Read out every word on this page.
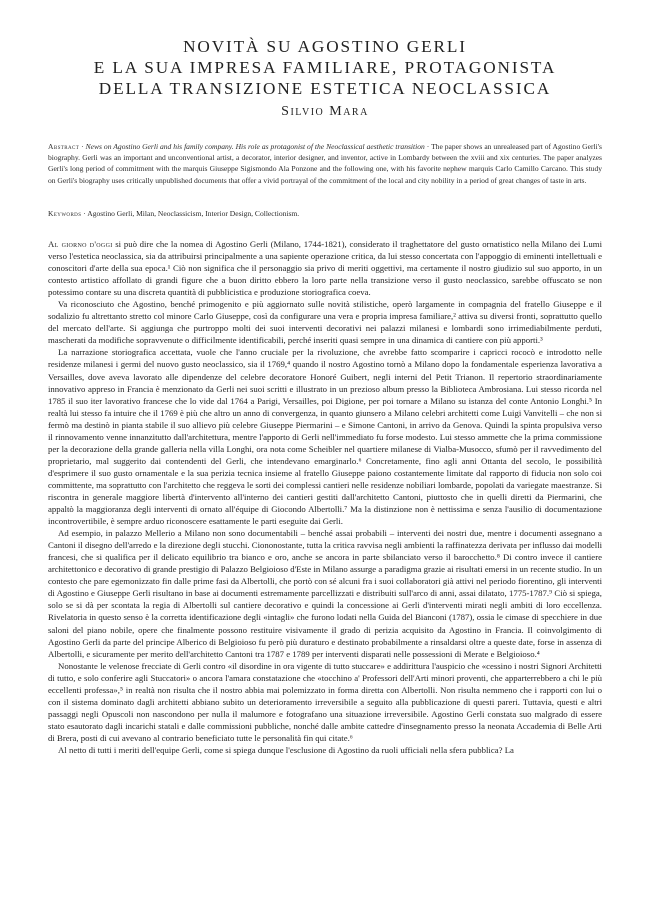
NOVITÀ SU AGOSTINO GERLI
E LA SUA IMPRESA FAMILIARE, PROTAGONISTA
DELLA TRANSIZIONE ESTETICA NEOCLASSICA
Silvio Mara
Abstract · News on Agostino Gerli and his family company. His role as protagonist of the Neoclassical aesthetic transition · The paper shows an unrealeased part of Agostino Gerli's biography. Gerli was an important and unconventional artist, a decorator, interior designer, and inventor, active in Lombardy between the xviii and xix centuries. The paper analyzes Gerli's long period of commitment with the marquis Giuseppe Sigismondo Ala Ponzone and the following one, with his favorite nephew marquis Carlo Camillo Carcano. This study on Gerli's biography uses critically unpublished documents that offer a vivid portrayal of the commitment of the local and city nobility in a period of great changes of taste in arts.
Keywords · Agostino Gerli, Milan, Neoclassicism, Interior Design, Collectionism.

Al giorno d'oggi si può dire che la nomea di Agostino Gerli (Milano, 1744-1821), considerato il traghettatore del gusto ornatistico nella Milano dei Lumi verso l'estetica neoclassica, sia da attribuirsi principalmente a una sapiente operazione critica, da lui stesso concertata con l'appoggio di eminenti intellettuali e conoscitori d'arte della sua epoca.¹ Ciò non significa che il personaggio sia privo di meriti oggettivi, ma certamente il nostro giudizio sul suo apporto, in un contesto artistico affollato di grandi figure che a buon diritto ebbero la loro parte nella transizione verso il gusto neoclassico, sarebbe offuscato se non potessimo contare su una discreta quantità di pubblicistica e produzione storiografica coeva.

Va riconosciuto che Agostino, benché primogenito e più aggiornato sulle novità stilistiche, operò largamente in compagnia del fratello Giuseppe e il sodalizio fu altrettanto stretto col minore Carlo Giuseppe, così da configurare una vera e propria impresa familiare,² attiva su diversi fronti, soprattutto quello del mercato dell'arte. Si aggiunga che purtroppo molti dei suoi interventi decorativi nei palazzi milanesi e lombardi sono irrimediabilmente perduti, mascherati da modifiche sopravvenute o difficilmente identificabili, perché inseriti quasi sempre in una dinamica di cantiere con più apporti.³

La narrazione storiografica accettata, vuole che l'anno cruciale per la rivoluzione, che avrebbe fatto scomparire i capricci rococò e introdotto nelle residenze milanesi i germi del nuovo gusto neoclassico, sia il 1769,⁴ quando il nostro Agostino tornò a Milano dopo la fondamentale esperienza lavorativa a Versailles, dove aveva lavorato alle dipendenze del celebre decoratore Honoré Guibert, negli interni del Petit Trianon. Il repertorio straordinariamente innovativo appreso in Francia è menzionato da Gerli nei suoi scritti e illustrato in un prezioso album presso la Biblioteca Ambrosiana. Lui stesso ricorda nel 1785 il suo iter lavorativo francese che lo vide dal 1764 a Parigi, Versailles, poi Digione, per poi tornare a Milano su istanza del conte Antonio Longhi.⁵ In realtà lui stesso fa intuire che il 1769 è più che altro un anno di convergenza, in quanto giunsero a Milano celebri architetti come Luigi Vanvitelli – che non si fermò ma destinò in pianta stabile il suo allievo più celebre Giuseppe Piermarini – e Simone Cantoni, in arrivo da Genova. Quindi la spinta propulsiva verso il rinnovamento venne innanzitutto dall'architettura, mentre l'apporto di Gerli nell'immediato fu forse modesto. Lui stesso ammette che la prima commissione per la decorazione della grande galleria nella villa Longhi, ora nota come Scheibler nel quartiere milanese di Vialba-Musocco, sfumò per il ravvedimento del proprietario, mal suggerito dai contendenti del Gerli, che intendevano emarginarlo.⁶ Concretamente, fino agli anni Ottanta del secolo, le possibilità d'esprimere il suo gusto ornamentale e la sua perizia tecnica insieme al fratello Giuseppe paiono costantemente limitate dal rapporto di fiducia non solo coi committente, ma soprattutto con l'architetto che reggeva le sorti dei complessi cantieri nelle residenze nobiliari lombarde, popolati da variegate maestranze. Si riscontra in generale maggiore libertà d'intervento all'interno dei cantieri gestiti dall'architetto Cantoni, piuttosto che in quelli diretti da Piermarini, che appaltò la maggioranza degli interventi di ornato all'équipe di Giocondo Albertolli.⁷ Ma la distinzione non è nettissima e senza l'ausilio di documentazione incontrovertibile, è sempre arduo riconoscere esattamente le parti eseguite dai Gerli.

Ad esempio, in palazzo Mellerio a Milano non sono documentabili – benché assai probabili – interventi dei nostri due, mentre i documenti assegnano a Cantoni il disegno dell'arredo e la direzione degli stucchi. Ciononostante, tutta la critica ravvisa negli ambienti la raffinatezza derivata per influsso dai modelli francesi, che si qualifica per il delicato equilibrio tra bianco e oro, anche se ancora in parte sbilanciato verso il barocchetto.⁸ Di contro invece il cantiere architettonico e decorativo di grande prestigio di Palazzo Belgioioso d'Este in Milano assurge a paradigma grazie ai risultati emersi in un recente studio. In un contesto che pare egemonizzato fin dalle prime fasi da Albertolli, che portò con sé alcuni fra i suoi collaboratori già attivi nel periodo fiorentino, gli interventi di Agostino e Giuseppe Gerli risultano in base ai documenti estremamente parcellizzati e distribuiti sull'arco di anni, assai dilatato, 1775-1787.⁹ Ciò si spiega, solo se si dà per scontata la regia di Albertolli sul cantiere decorativo e quindi la concessione ai Gerli d'interventi mirati negli ambiti di loro eccellenza. Rivelatoria in questo senso è la corretta identificazione degli «intagli» che furono lodati nella Guida del Bianconi (1787), ossia le cimase di specchiere in due saloni del piano nobile, opere che finalmente possono restituire visivamente il grado di perizia acquisito da Agostino in Francia. Il coinvolgimento di Agostino Gerli da parte del principe Alberico di Belgioioso fu però più duraturo e destinato probabilmente a rinsaldarsi oltre a queste date, forse in assenza di Albertolli, e sicuramente per merito dell'architetto Cantoni tra 1787 e 1789 per interventi disparati nelle possessioni di Merate e Belgioioso.⁴

Nonostante le velenose frecciate di Gerli contro «il disordine in ora vigente di tutto stuccare» e addirittura l'auspicio che «cessino i nostri Signori Architetti di tutto, e solo conferire agli Stuccatori» o ancora l'amara constatazione che «tocchino a' Professori dell'Arti minori proventi, che apparterrebbero a chi le più eccellenti professa»,⁵ in realtà non risulta che il nostro abbia mai polemizzato in forma diretta con Albertolli. Non risulta nemmeno che i rapporti con lui o con il sistema dominato dagli architetti abbiano subito un deterioramento irreversibile a seguito alla pubblicazione di questi pareri. Tuttavia, questi e altri passaggi negli Opuscoli non nascondono per nulla il malumore e fotografano una situazione irreversibile. Agostino Gerli constata suo malgrado di essere stato esautorato dagli incarichi statali e dalle commissioni pubbliche, nonché dalle ambite cattedre d'insegnamento presso la neonata Accademia di Belle Arti di Brera, posti di cui avevano al contrario beneficiato tutte le personalità fin qui citate.⁶

Al netto di tutti i meriti dell'equipe Gerli, come si spiega dunque l'esclusione di Agostino da ruoli ufficiali nella sfera pubblica? La
